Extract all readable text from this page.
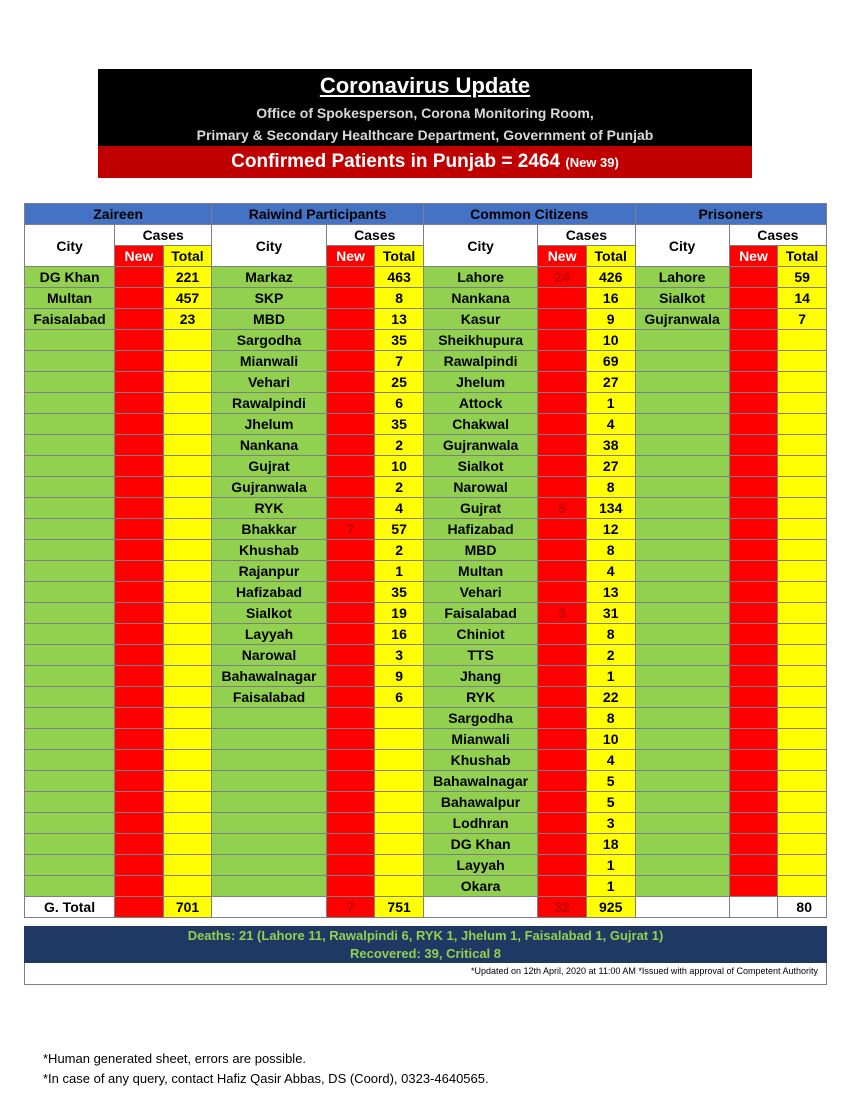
Coronavirus Update
Office of Spokesperson, Corona Monitoring Room,
Primary & Secondary Healthcare Department, Government of Punjab
Confirmed Patients in Punjab = 2464 (New 39)
Zaireen			Raiwind Participants			Common Citizens			Prisoners		
City	Cases		City	Cases		City	Cases		City	Cases	
	New	Total		New	Total		New	Total		New	Total
DG Khan		221	Markaz		463	Lahore	24	426	Lahore		59
Multan		457	SKP		8	Nankana		16	Sialkot		14
Faisalabad		23	MBD		13	Kasur		9	Gujranwala		7
			Sargodha		35	Sheikhupura		10			
			Mianwali		7	Rawalpindi		69			
			Vehari		25	Jhelum		27			
			Rawalpindi		6	Attock		1			
			Jhelum		35	Chakwal		4			
			Nankana		2	Gujranwala		38			
			Gujrat		10	Sialkot		27			
			Gujranwala		2	Narowal		8			
			RYK		4	Gujrat	5	134			
			Bhakkar	7	57	Hafizabad		12			
			Khushab		2	MBD		8			
			Rajanpur		1	Multan		4			
			Hafizabad		35	Vehari		13			
			Sialkot		19	Faisalabad	3	31			
			Layyah		16	Chiniot		8			
			Narowal		3	TTS		2			
			Bahawalnagar		9	Jhang		1			
			Faisalabad		6	RYK		22			
						Sargodha		8			
						Mianwali		10			
						Khushab		4			
						Bahawalnagar		5			
						Bahawalpur		5			
						Lodhran		3			
						DG Khan		18			
						Layyah		1			
						Okara		1			
G. Total		701		7	751		32	925			80
Deaths: 21 (Lahore 11, Rawalpindi 6, RYK 1, Jhelum 1, Faisalabad 1, Gujrat 1)
Recovered: 39, Critical 8
*Updated on 12th April, 2020 at 11:00 AM *Issued with approval of Competent Authority
*Human generated sheet, errors are possible.
*In case of any query, contact Hafiz Qasir Abbas, DS (Coord), 0323-4640565.
